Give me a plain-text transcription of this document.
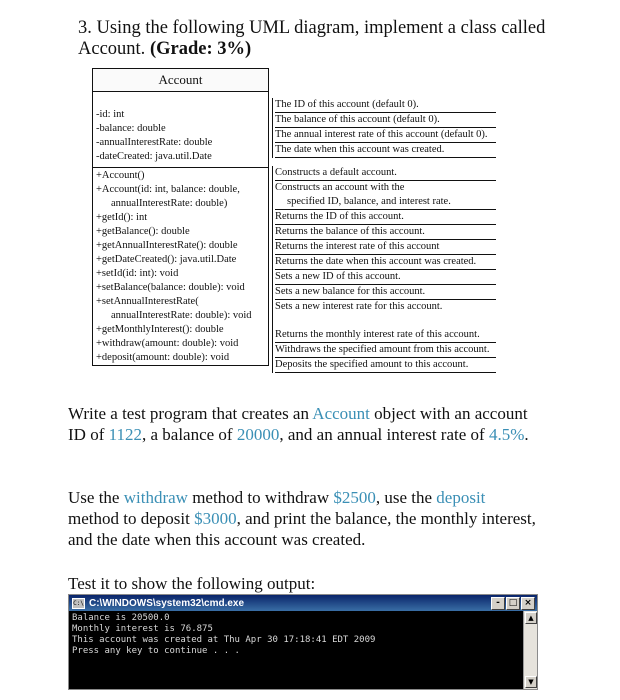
3. Using the following UML diagram, implement a class called Account. (Grade: 3%)
Account
-id: int
-balance: double
-annualInterestRate: double
-dateCreated: java.util.Date
+Account()
+Account(id: int, balance: double,
annualInterestRate: double)
+getId(): int
+getBalance(): double
+getAnnualInterestRate(): double
+getDateCreated(): java.util.Date
+setId(id: int): void
+setBalance(balance: double): void
+setAnnualInterestRate(
annualInterestRate: double): void
+getMonthlyInterest(): double
+withdraw(amount: double): void
+deposit(amount: double): void
The ID of this account (default 0).
The balance of this account (default 0).
The annual interest rate of this account (default 0).
The date when this account was created.
Constructs a default account.
Constructs an account with the
specified ID, balance, and interest rate.
Returns the ID of this account.
Returns the balance of this account.
Returns the interest rate of this account
Returns the date when this account was created.
Sets a new ID of this account.
Sets a new balance for this account.
Sets a new interest rate for this account.
Returns the monthly interest rate of this account.
Withdraws the specified amount from this account.
Deposits the specified amount to this account.
Write a test program that creates an Account object with an account ID of 1122, a balance of 20000, and an annual interest rate of 4.5%.
Use the withdraw method to withdraw $2500, use the deposit method to deposit $3000, and print the balance, the monthly interest, and the date when this account was created.
Test it to show the following output:
C:\ C:\WINDOWS\system32\cmd.exe	- □ ×
Balance is 20500.0
Monthly interest is 76.875
This account was created at Thu Apr 30 17:18:41 EDT 2009
Press any key to continue . . .
▲
▼
